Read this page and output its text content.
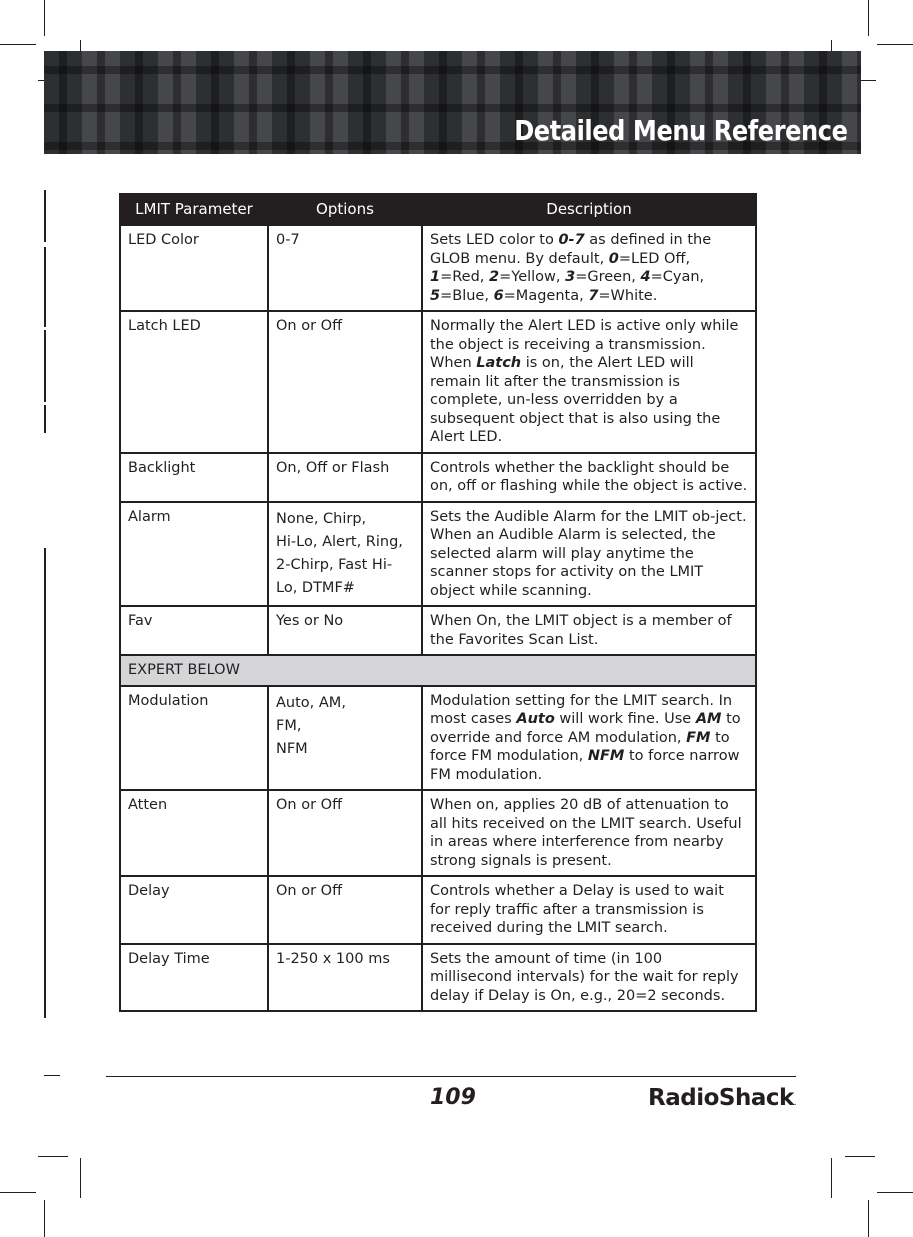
Detailed Menu Reference
LMIT Parameter	Options	Description
LED Color	0-7	Sets LED color to 0-7 as defined in the GLOB menu. By default, 0=LED Off, 1=Red, 2=Yellow, 3=Green, 4=Cyan, 5=Blue, 6=Magenta, 7=White.
Latch LED	On or Off	Normally the Alert LED is active only while the object is receiving a transmission. When Latch is on, the Alert LED will remain lit after the transmission is complete, un-less overridden by a subsequent object that is also using the Alert LED.
Backlight	On, Off or Flash	Controls whether the backlight should be on, off or flashing while the object is active.
Alarm	None, Chirp,
Hi-Lo, Alert, Ring,
2-Chirp, Fast Hi-
Lo, DTMF#	Sets the Audible Alarm for the LMIT ob-ject. When an Audible Alarm is selected, the selected alarm will play anytime the scanner stops for activity on the LMIT object while scanning.
Fav	Yes or No	When On, the LMIT object is a member of the Favorites Scan List.
EXPERT BELOW		
Modulation	Auto, AM,
FM,
NFM	Modulation setting for the LMIT search. In most cases Auto will work fine. Use AM to override and force AM modulation, FM to force FM modulation, NFM to force narrow FM modulation.
Atten	On or Off	When on, applies 20 dB of attenuation to all hits received on the LMIT search. Useful in areas where interference from nearby strong signals is present.
Delay	On or Off	Controls whether a Delay is used to wait for reply traffic after a transmission is received during the LMIT search.
Delay Time	1-250 x 100 ms	Sets the amount of time (in 100 millisecond intervals) for the wait for reply delay if Delay is On, e.g., 20=2 seconds.
109	RadioShack.
